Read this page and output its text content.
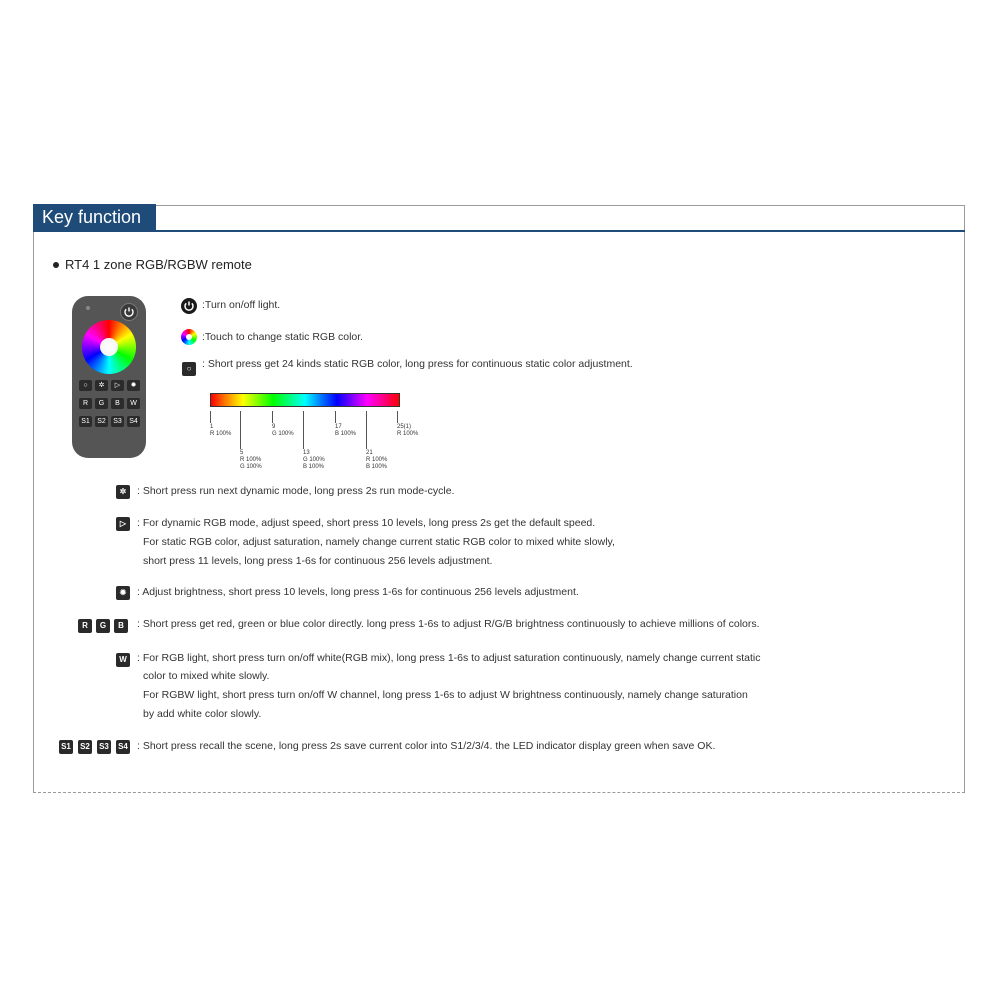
Key function
RT4 1 zone RGB/RGBW remote
○	✲	▷	✹
R	G	B	W
S1	S2	S3	S4
:Turn on/off light.
:Touch to change static RGB color.
○	: Short press get 24 kinds static RGB color, long press for continuous static color adjustment.
1
R 100%
9
G 100%
17
B 100%
25(1)
R 100%
5
R 100%
G 100%
13
G 100%
B 100%
21
R 100%
B 100%
✲	: Short press run next dynamic mode, long press 2s run mode-cycle.
▷	: For dynamic RGB mode, adjust speed, short press 10 levels, long press 2s get the default speed.
For static RGB color, adjust saturation, namely change current static RGB color to mixed white slowly,
short press 11 levels, long press 1-6s for continuous 256 levels adjustment.
✹	: Adjust brightness, short press 10 levels, long press 1-6s for continuous 256 levels adjustment.
R	G	B	: Short press get red, green or blue color directly. long press 1-6s to adjust R/G/B brightness continuously to achieve millions of colors.
W : For RGB light, short press turn on/off white(RGB mix), long press 1-6s to adjust saturation continuously, namely change current static
color to mixed white slowly.
For RGBW light, short press turn on/off W channel, long press 1-6s to adjust W brightness continuously, namely change saturation
by add white color slowly.
S1 S2 S3 S4 : Short press recall the scene, long press 2s save current color into S1/2/3/4. the LED indicator display green when save OK.
